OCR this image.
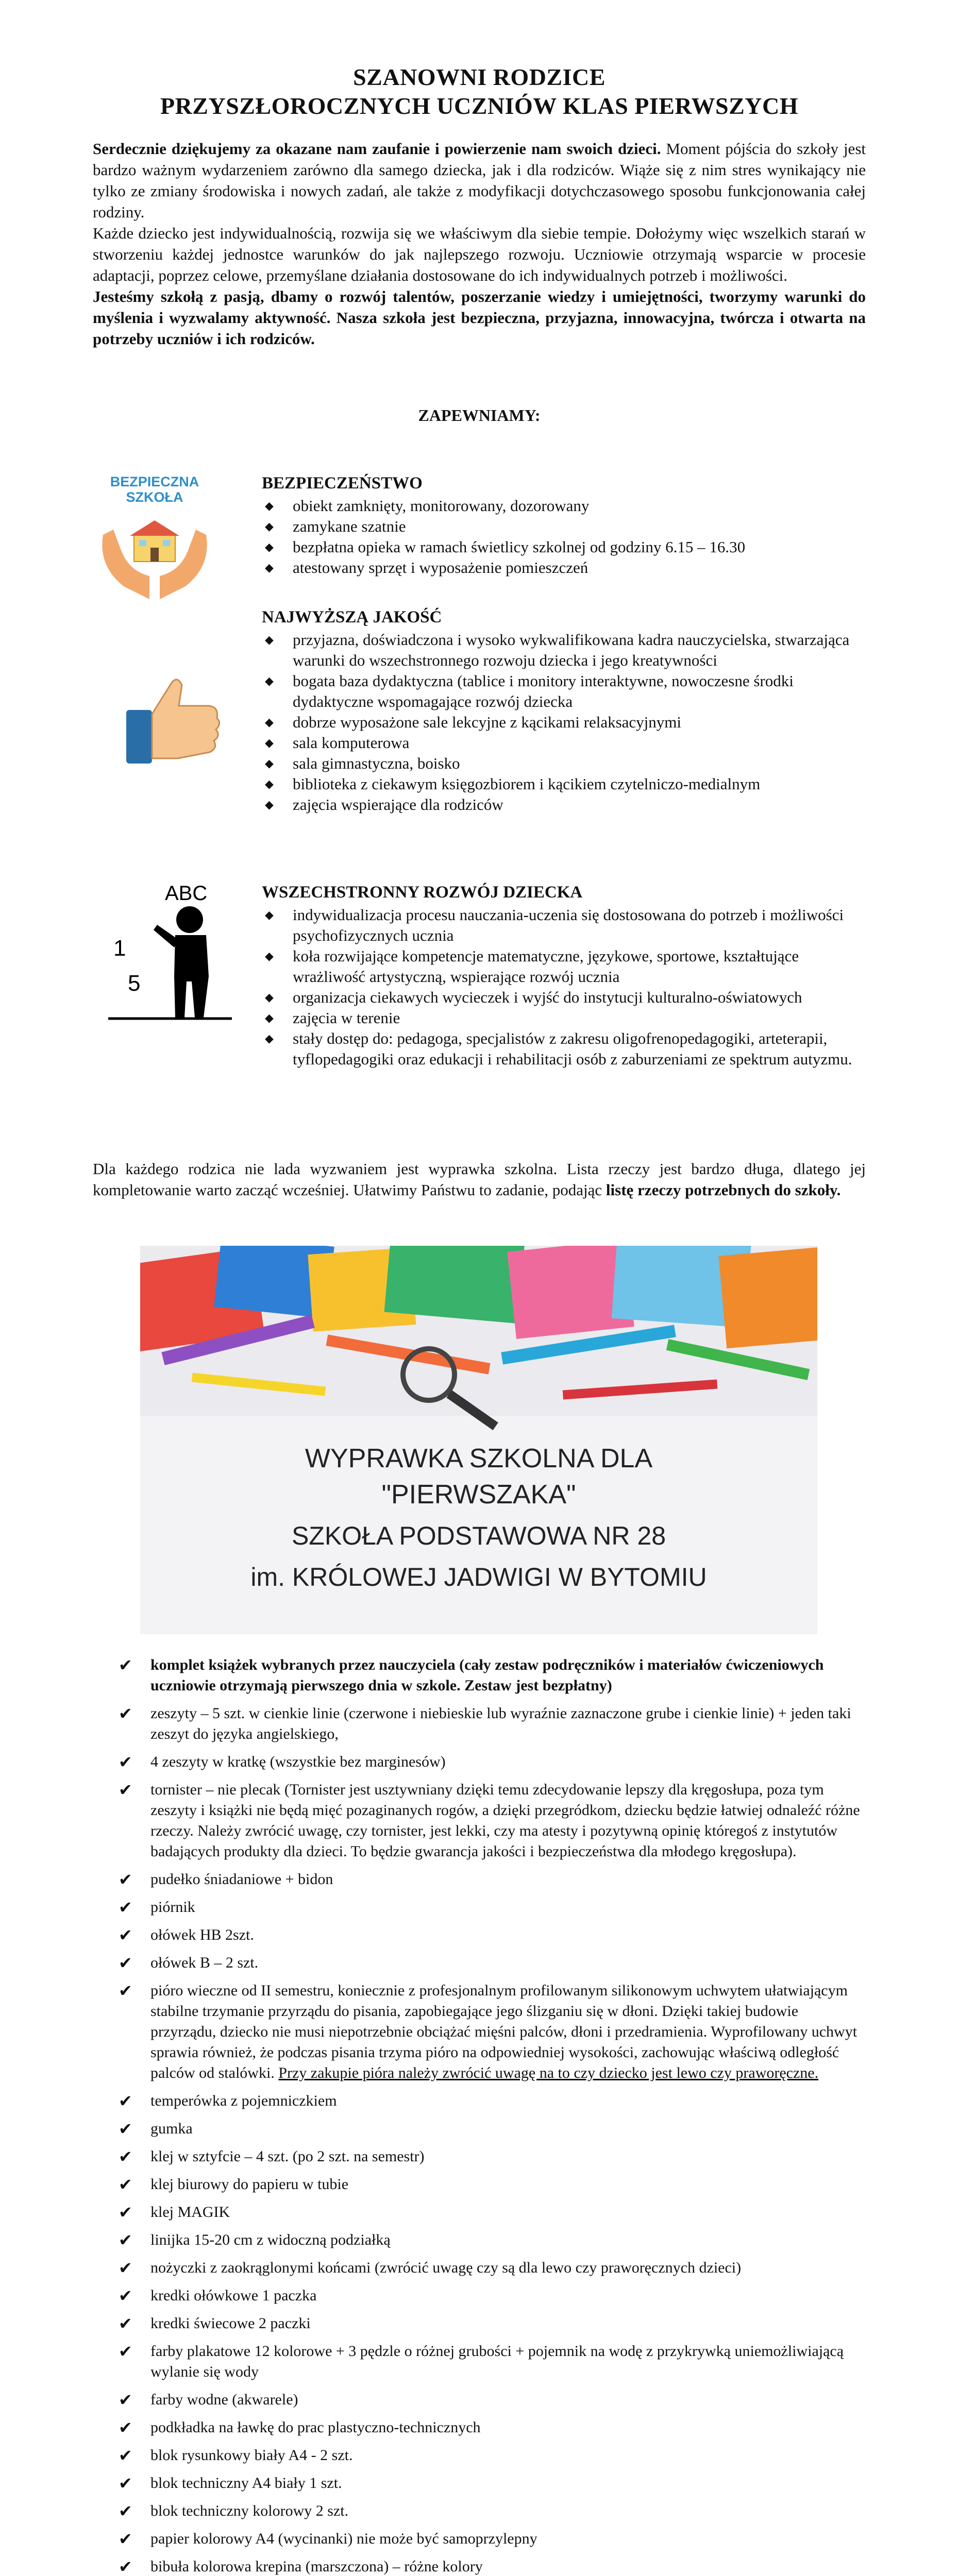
SZANOWNI RODZICE
PRZYSZŁOROCZNYCH UCZNIÓW KLAS PIERWSZYCH

Serdecznie dziękujemy za okazane nam zaufanie i powierzenie nam swoich dzieci. Moment pójścia do szkoły jest bardzo ważnym wydarzeniem zarówno dla samego dziecka, jak i dla rodziców. Wiąże się z nim stres wynikający nie tylko ze zmiany środowiska i nowych zadań, ale także z modyfikacji dotychczasowego sposobu funkcjonowania całej rodziny.

Każde dziecko jest indywidualnością, rozwija się we właściwym dla siebie tempie. Dołożymy więc wszelkich starań w stworzeniu każdej jednostce warunków do jak najlepszego rozwoju. Uczniowie otrzymają wsparcie w procesie adaptacji, poprzez celowe, przemyślane działania dostosowane do ich indywidualnych potrzeb i możliwości.

Jesteśmy szkołą z pasją, dbamy o rozwój talentów, poszerzanie wiedzy i umiejętności, tworzymy warunki do myślenia i wyzwalamy aktywność. Nasza szkoła jest bezpieczna, przyjazna, innowacyjna, twórcza i otwarta na potrzeby uczniów i ich rodziców.

ZAPEWNIAMY:
BEZPIECZNA
SZKOŁA
BEZPIECZEŃSTWO
◆ obiekt zamknięty, monitorowany, dozorowany
◆ zamykane szatnie
◆ bezpłatna opieka w ramach świetlicy szkolnej od godziny 6.15 – 16.30
◆ atestowany sprzęt i wyposażenie pomieszczeń
NAJWYŻSZĄ JAKOŚĆ
◆ przyjazna, doświadczona i wysoko wykwalifikowana kadra nauczycielska, stwarzająca warunki do wszechstronnego rozwoju dziecka i jego kreatywności
◆ bogata baza dydaktyczna (tablice i monitory interaktywne, nowoczesne środki dydaktyczne wspomagające rozwój dziecka
◆ dobrze wyposażone sale lekcyjne z kącikami relaksacyjnymi
◆ sala komputerowa
◆ sala gimnastyczna, boisko
◆ biblioteka z ciekawym księgozbiorem i kącikiem czytelniczo-medialnym
◆ zajęcia wspierające dla rodziców
ABC
1
5
WSZECHSTRONNY ROZWÓJ DZIECKA
◆ indywidualizacja procesu nauczania-uczenia się dostosowana do potrzeb i możliwości psychofizycznych ucznia
◆ koła rozwijające kompetencje matematyczne, językowe, sportowe, kształtujące wrażliwość artystyczną, wspierające rozwój ucznia
◆ organizacja ciekawych wycieczek i wyjść do instytucji kulturalno-oświatowych
◆ zajęcia w terenie
◆ stały dostęp do: pedagoga, specjalistów z zakresu oligofrenopedagogiki, arteterapii, tyflopedagogiki oraz edukacji i rehabilitacji osób z zaburzeniami ze spektrum autyzmu.
Dla każdego rodzica nie lada wyzwaniem jest wyprawka szkolna. Lista rzeczy jest bardzo długa, dlatego jej kompletowanie warto zacząć wcześniej. Ułatwimy Państwu to zadanie, podając listę rzeczy potrzebnych do szkoły.
WYPRAWKA SZKOLNA DLA
"PIERWSZAKA"
SZKOŁA PODSTAWOWA NR 28
im. KRÓLOWEJ JADWIGI W BYTOMIU
✔ komplet książek wybranych przez nauczyciela (cały zestaw podręczników i materiałów ćwiczeniowych uczniowie otrzymają pierwszego dnia w szkole. Zestaw jest bezpłatny)
✔ zeszyty – 5 szt. w cienkie linie (czerwone i niebieskie lub wyraźnie zaznaczone grube i cienkie linie) + jeden taki zeszyt do języka angielskiego,
✔ 4 zeszyty w kratkę (wszystkie bez marginesów)
✔ tornister – nie plecak (Tornister jest usztywniany dzięki temu zdecydowanie lepszy dla kręgosłupa, poza tym zeszyty i książki nie będą mięć pozaginanych rogów, a dzięki przegródkom, dziecku będzie łatwiej odnaleźć różne rzeczy. Należy zwrócić uwagę, czy tornister, jest lekki, czy ma atesty i pozytywną opinię któregoś z instytutów badających produkty dla dzieci. To będzie gwarancja jakości i bezpieczeństwa dla młodego kręgosłupa).
✔ pudełko śniadaniowe + bidon
✔ piórnik
✔ ołówek HB 2szt.
✔ ołówek B – 2 szt.
✔ pióro wieczne od II semestru, koniecznie z profesjonalnym profilowanym silikonowym uchwytem ułatwiającym stabilne trzymanie przyrządu do pisania, zapobiegające jego ślizganiu się w dłoni. Dzięki takiej budowie przyrządu, dziecko nie musi niepotrzebnie obciążać mięśni palców, dłoni i przedramienia. Wyprofilowany uchwyt sprawia również, że podczas pisania trzyma pióro na odpowiedniej wysokości, zachowując właściwą odległość palców od stalówki. Przy zakupie pióra należy zwrócić uwagę na to czy dziecko jest lewo czy praworęczne.
✔ temperówka z pojemniczkiem
✔ gumka
✔ klej w sztyfcie – 4 szt. (po 2 szt. na semestr)
✔ klej biurowy do papieru w tubie
✔ klej MAGIK
✔ linijka 15-20 cm z widoczną podziałką
✔ nożyczki z zaokrąglonymi końcami (zwrócić uwagę czy są dla lewo czy praworęcznych dzieci)
✔ kredki ołówkowe 1 paczka
✔ kredki świecowe 2 paczki
✔ farby plakatowe 12 kolorowe + 3 pędzle o różnej grubości + pojemnik na wodę z przykrywką uniemożliwiającą wylanie się wody
✔ farby wodne (akwarele)
✔ podkładka na ławkę do prac plastyczno-technicznych
✔ blok rysunkowy biały A4 - 2 szt.
✔ blok techniczny A4 biały 1 szt.
✔ blok techniczny kolorowy 2 szt.
✔ papier kolorowy A4 (wycinanki) nie może być samoprzylepny
✔ bibuła kolorowa krepina (marszczona) – różne kolory
